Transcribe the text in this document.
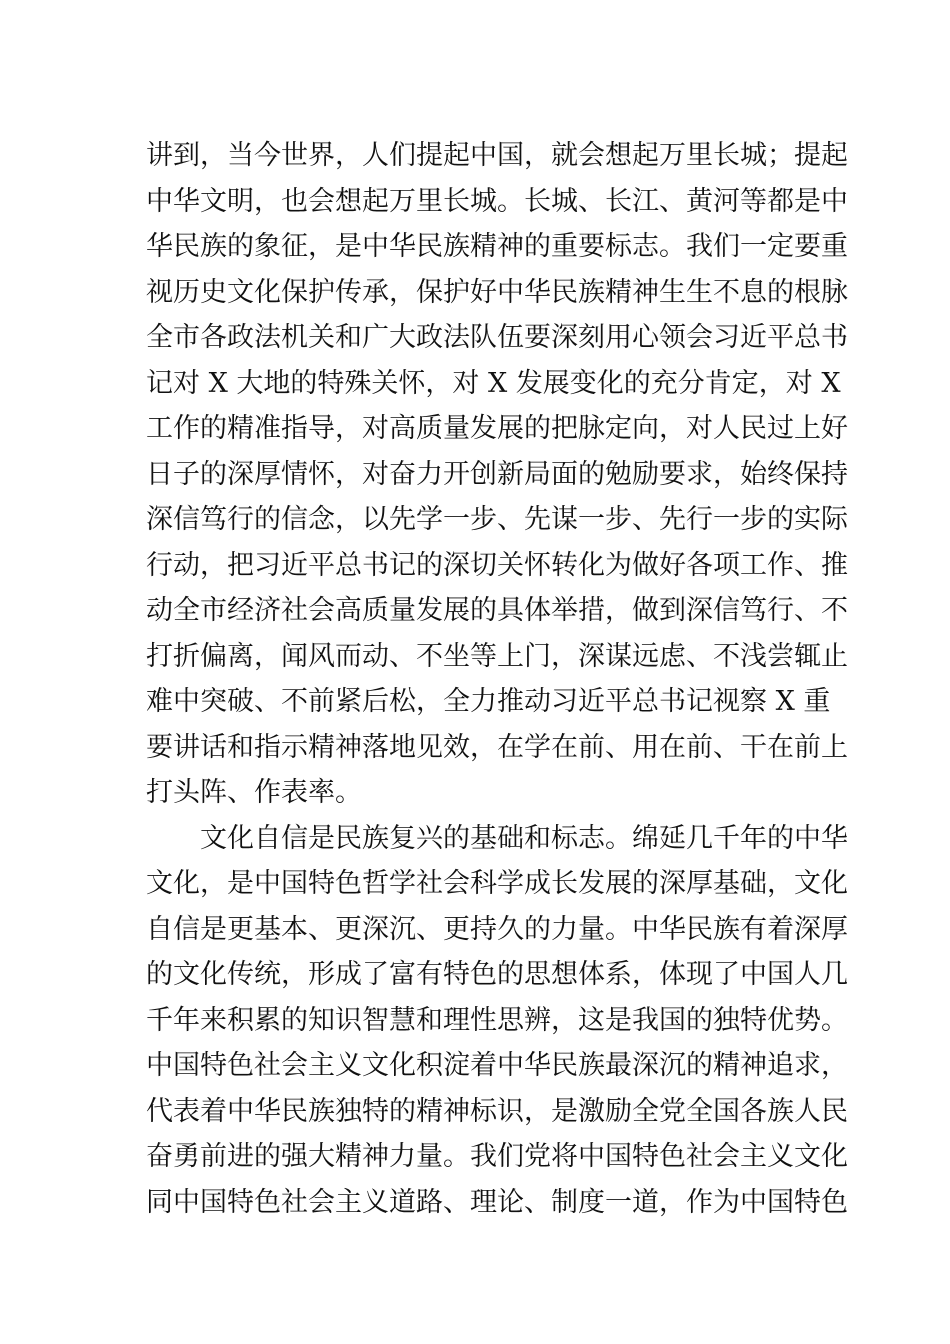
讲到，当今世界，人们提起中国，就会想起万里长城；提起
中华文明，也会想起万里长城。长城、长江、黄河等都是中
华民族的象征，是中华民族精神的重要标志。我们一定要重
视历史文化保护传承，保护好中华民族精神生生不息的根脉
全市各政法机关和广大政法队伍要深刻用心领会习近平总书
记对 X 大地的特殊关怀，对 X 发展变化的充分肯定，对 X
工作的精准指导，对高质量发展的把脉定向，对人民过上好
日子的深厚情怀，对奋力开创新局面的勉励要求，始终保持
深信笃行的信念，以先学一步、先谋一步、先行一步的实际
行动，把习近平总书记的深切关怀转化为做好各项工作、推
动全市经济社会高质量发展的具体举措，做到深信笃行、不
打折偏离，闻风而动、不坐等上门，深谋远虑、不浅尝辄止
难中突破、不前紧后松，全力推动习近平总书记视察 X 重
要讲话和指示精神落地见效，在学在前、用在前、干在前上
打头阵、作表率。
文化自信是民族复兴的基础和标志。绵延几千年的中华
文化，是中国特色哲学社会科学成长发展的深厚基础，文化
自信是更基本、更深沉、更持久的力量。中华民族有着深厚
的文化传统，形成了富有特色的思想体系，体现了中国人几
千年来积累的知识智慧和理性思辨，这是我国的独特优势。
中国特色社会主义文化积淀着中华民族最深沉的精神追求，
代表着中华民族独特的精神标识，是激励全党全国各族人民
奋勇前进的强大精神力量。我们党将中国特色社会主义文化
同中国特色社会主义道路、理论、制度一道，作为中国特色
